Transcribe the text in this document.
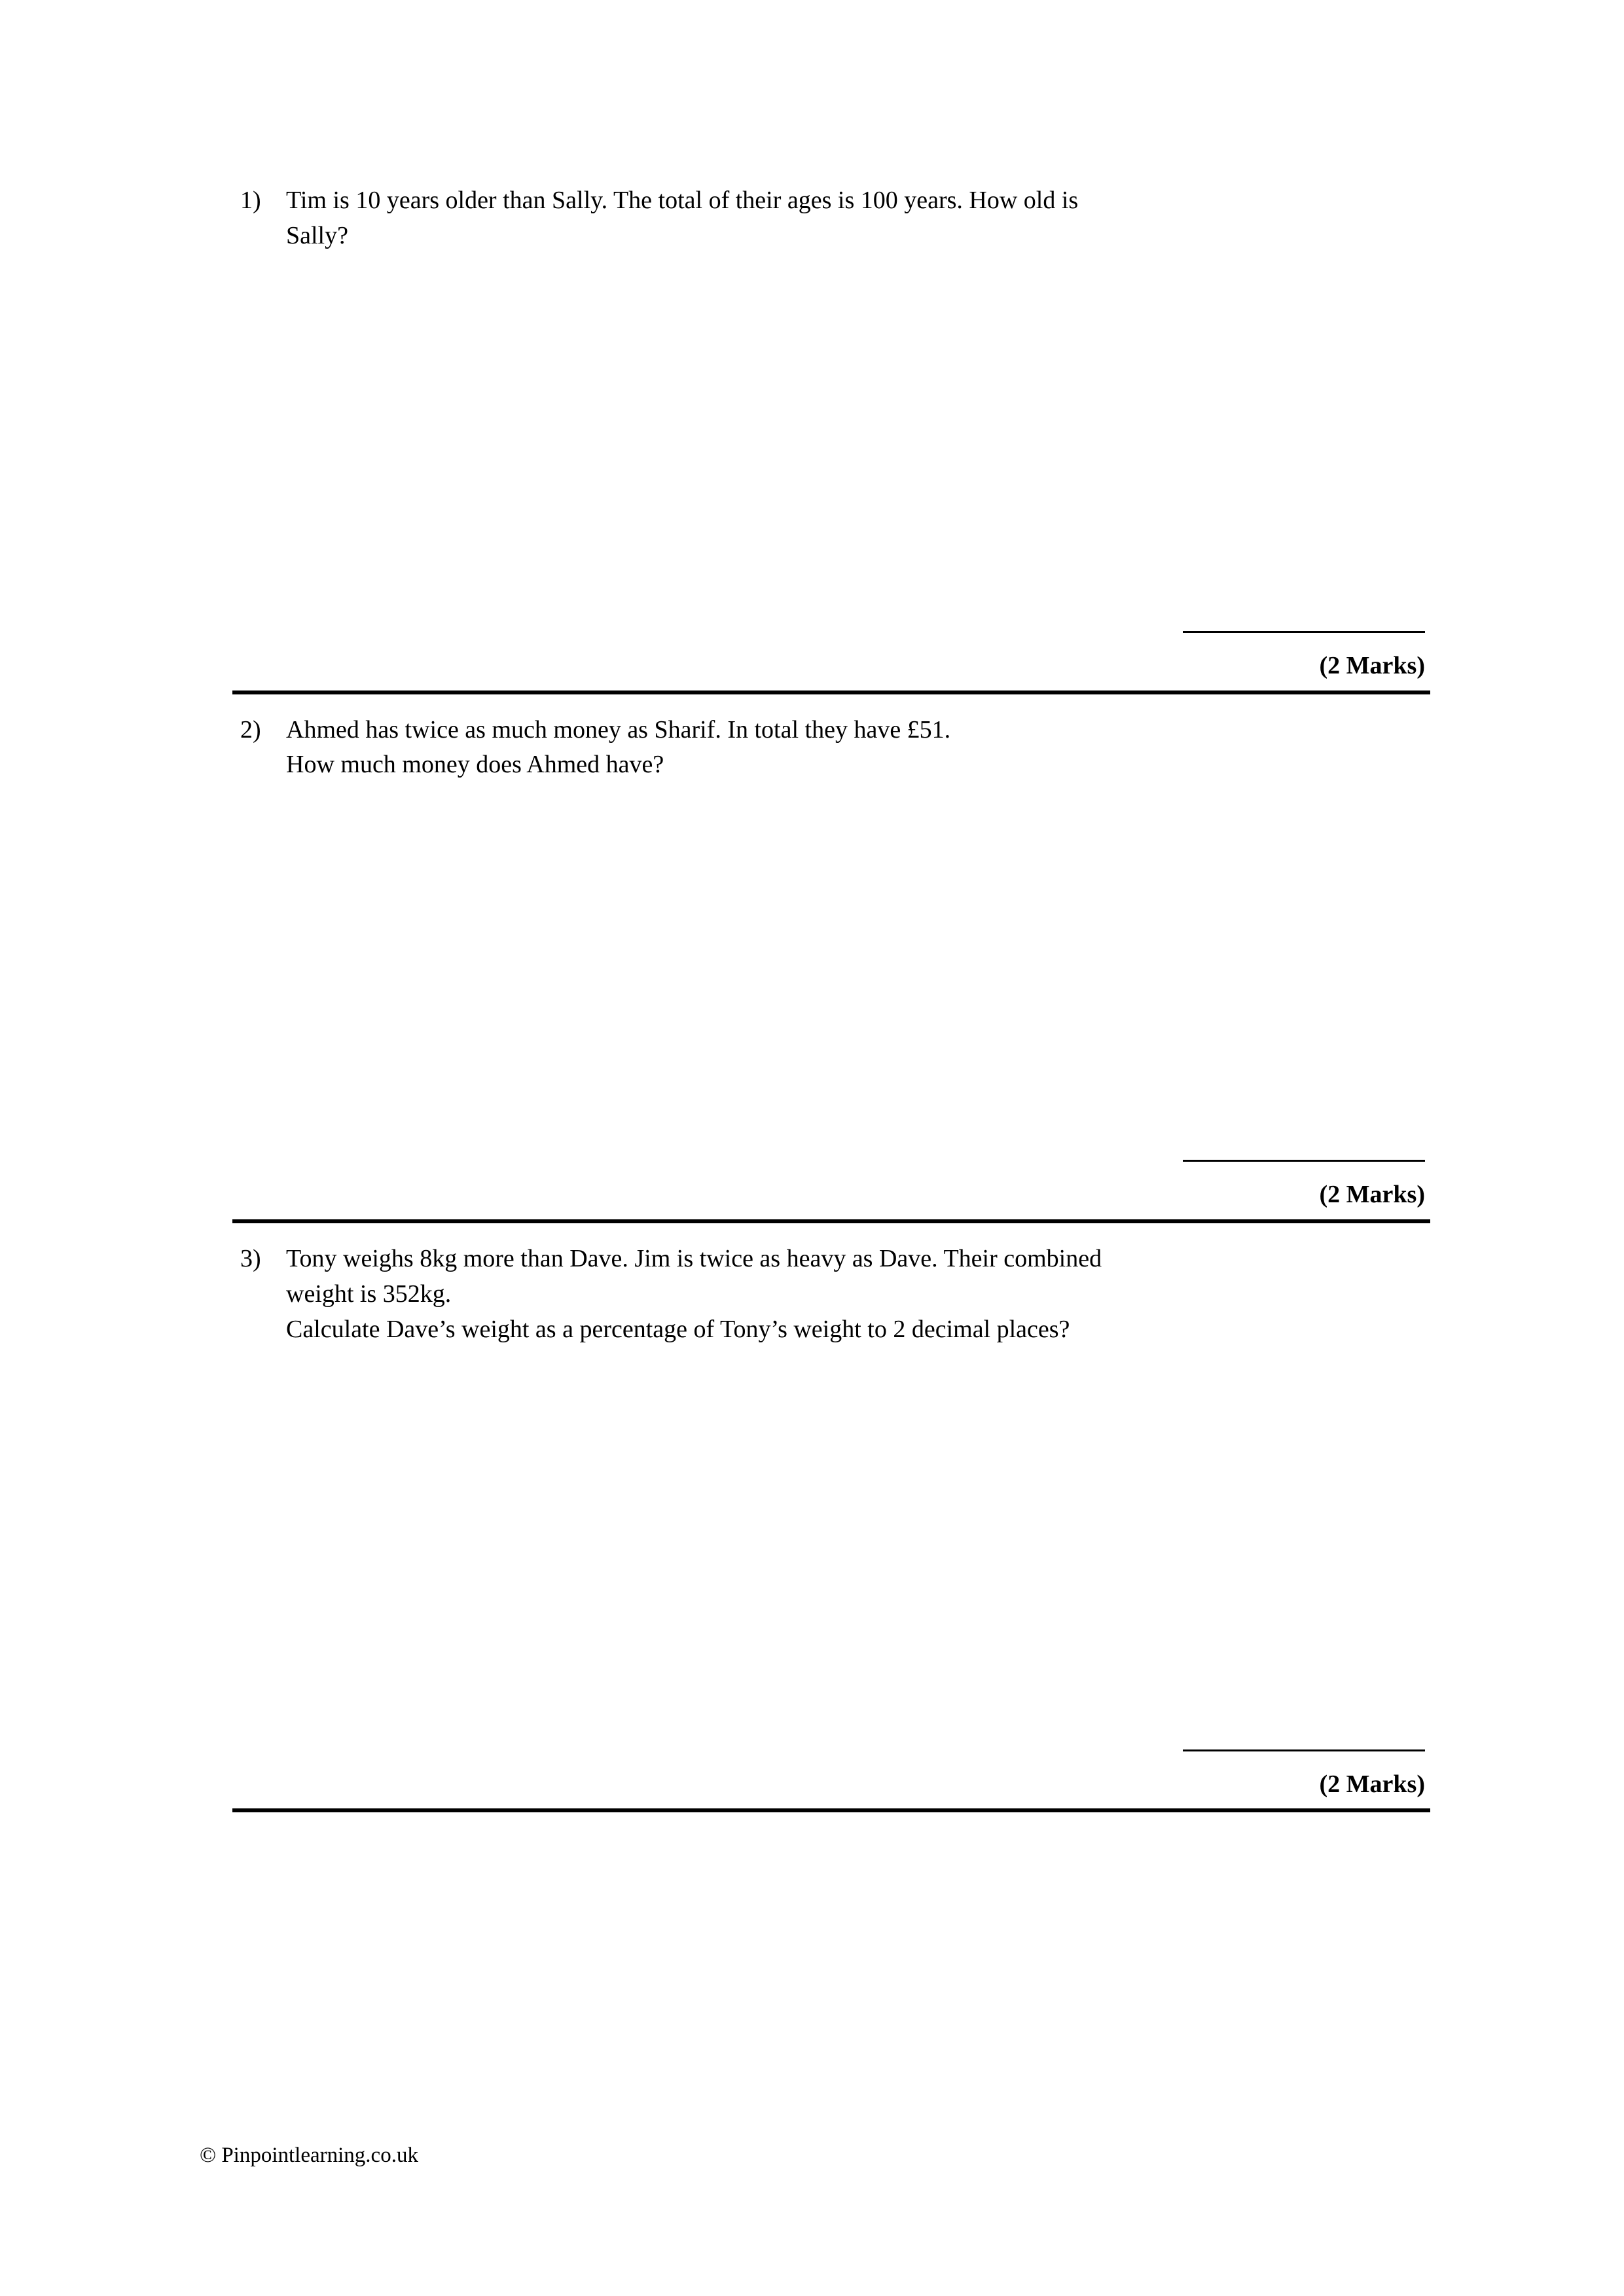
1)	Tim is 10 years older than Sally. The total of their ages is 100 years. How old is
Sally?
(2 Marks)
2)	Ahmed has twice as much money as Sharif. In total they have £51.
How much money does Ahmed have?
(2 Marks)
3)	Tony weighs 8kg more than Dave. Jim is twice as heavy as Dave. Their combined
weight is 352kg.
Calculate Dave’s weight as a percentage of Tony’s weight to 2 decimal places?
(2 Marks)
© Pinpointlearning.co.uk
